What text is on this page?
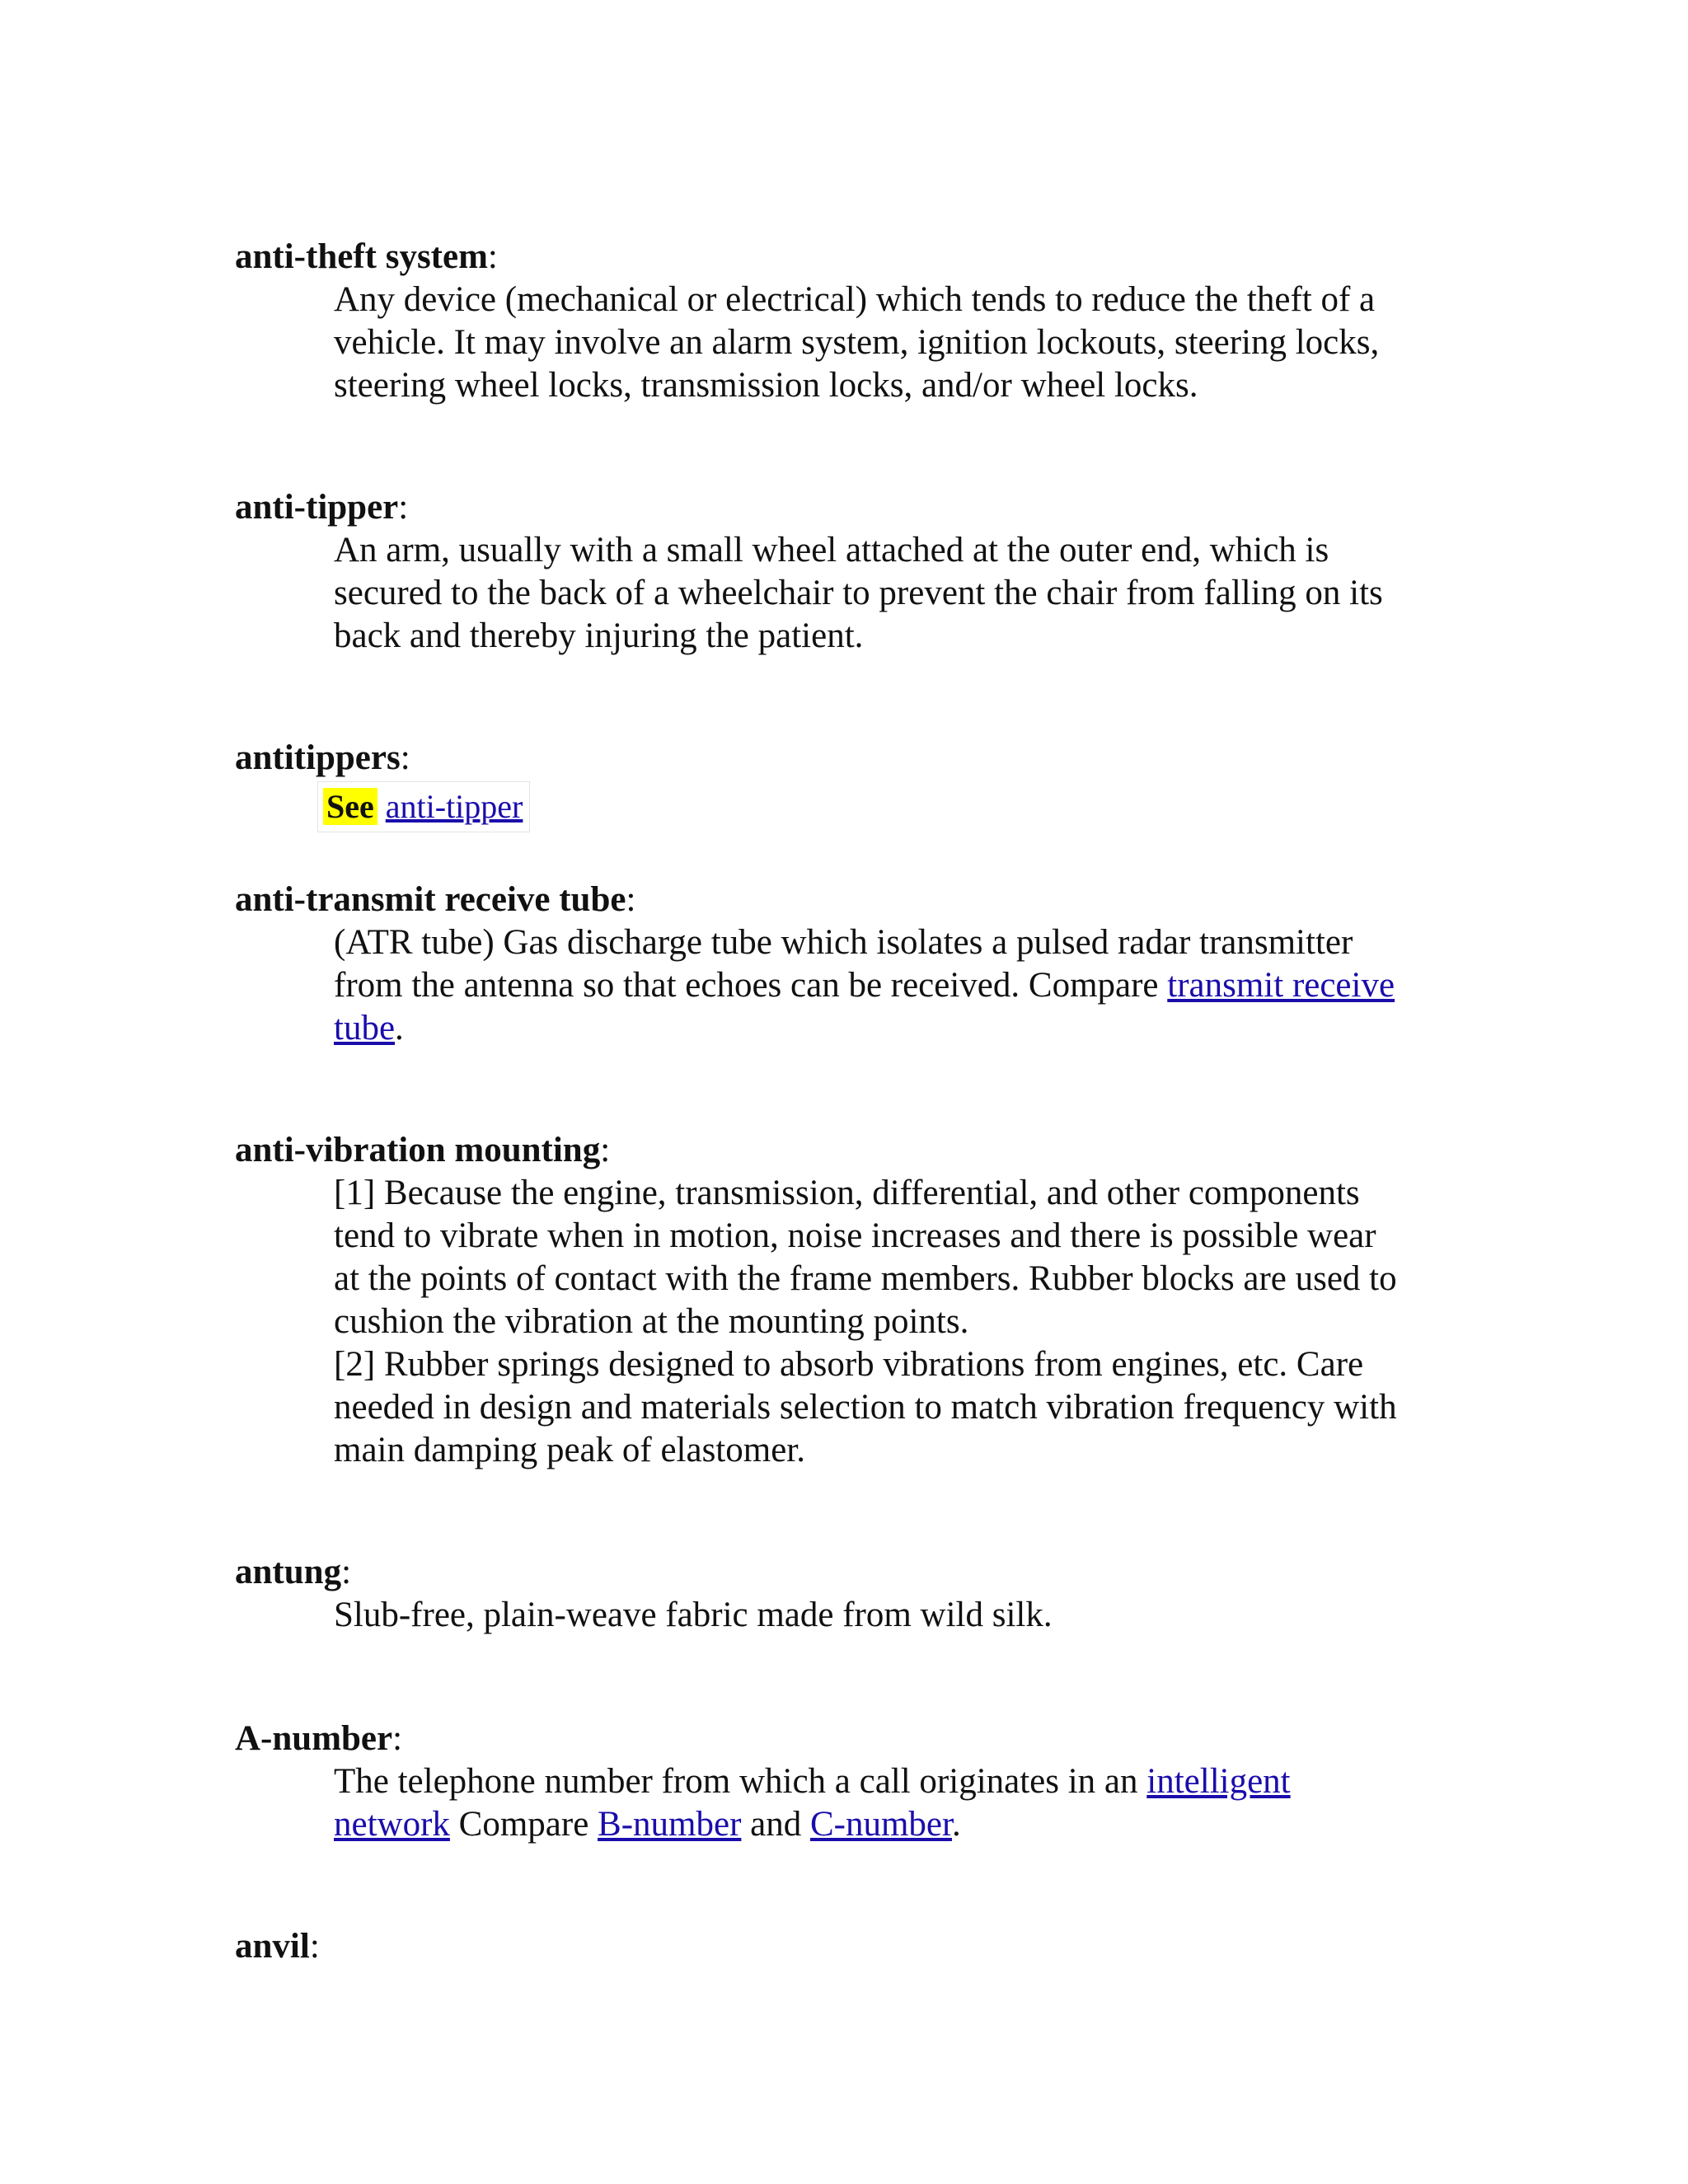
anti-theft system:

Any device (mechanical or electrical) which tends to reduce the theft of a
vehicle. It may involve an alarm system, ignition lockouts, steering locks,
steering wheel locks, transmission locks, and/or wheel locks.

anti-tipper:

An arm, usually with a small wheel attached at the outer end, which is
secured to the back of a wheelchair to prevent the chair from falling on its
back and thereby injuring the patient.

antitippers:

See anti-tipper

anti-transmit receive tube:

(ATR tube) Gas discharge tube which isolates a pulsed radar transmitter
from the antenna so that echoes can be received. Compare transmit receive
tube.

anti-vibration mounting:

[1] Because the engine, transmission, differential, and other components
tend to vibrate when in motion, noise increases and there is possible wear
at the points of contact with the frame members. Rubber blocks are used to
cushion the vibration at the mounting points.
[2] Rubber springs designed to absorb vibrations from engines, etc. Care
needed in design and materials selection to match vibration frequency with
main damping peak of elastomer.

antung:

Slub-free, plain-weave fabric made from wild silk.

A-number:

The telephone number from which a call originates in an intelligent
network Compare B-number and C-number.

anvil:
